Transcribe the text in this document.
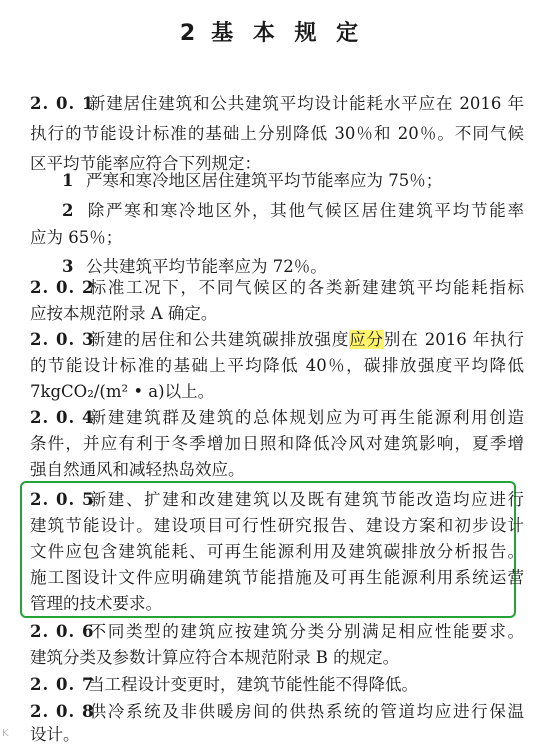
2 基 本 规 定
2. 0. 1新建居住建筑和公共建筑平均设计能耗水平应在 2016 年
执行的节能设计标准的基础上分别降低 30％和 20％。不同气候
区平均节能率应符合下列规定：
1 严寒和寒冷地区居住建筑平均节能率应为 75％；
2 除严寒和寒冷地区外，其他气候区居住建筑平均节能率
应为 65％；
3 公共建筑平均节能率应为 72％。
2. 0. 2标准工况下，不同气候区的各类新建建筑平均能耗指标
应按本规范附录 A 确定。
2. 0. 3新建的居住和公共建筑碳排放强度应分别在 2016 年执行
的节能设计标准的基础上平均降低 40％，碳排放强度平均降低
7kgCO₂/(m² • a)以上。
2. 0. 4新建建筑群及建筑的总体规划应为可再生能源利用创造
条件，并应有利于冬季增加日照和降低冷风对建筑影响，夏季增
强自然通风和减轻热岛效应。
2. 0. 5新建、扩建和改建建筑以及既有建筑节能改造均应进行
建筑节能设计。建设项目可行性研究报告、建设方案和初步设计
文件应包含建筑能耗、可再生能源利用及建筑碳排放分析报告。
施工图设计文件应明确建筑节能措施及可再生能源利用系统运营
管理的技术要求。
2. 0. 6不同类型的建筑应按建筑分类分别满足相应性能要求。
建筑分类及参数计算应符合本规范附录 B 的规定。
2. 0. 7当工程设计变更时，建筑节能性能不得降低。
2. 0. 8供冷系统及非供暖房间的供热系统的管道均应进行保温
设计。
K
